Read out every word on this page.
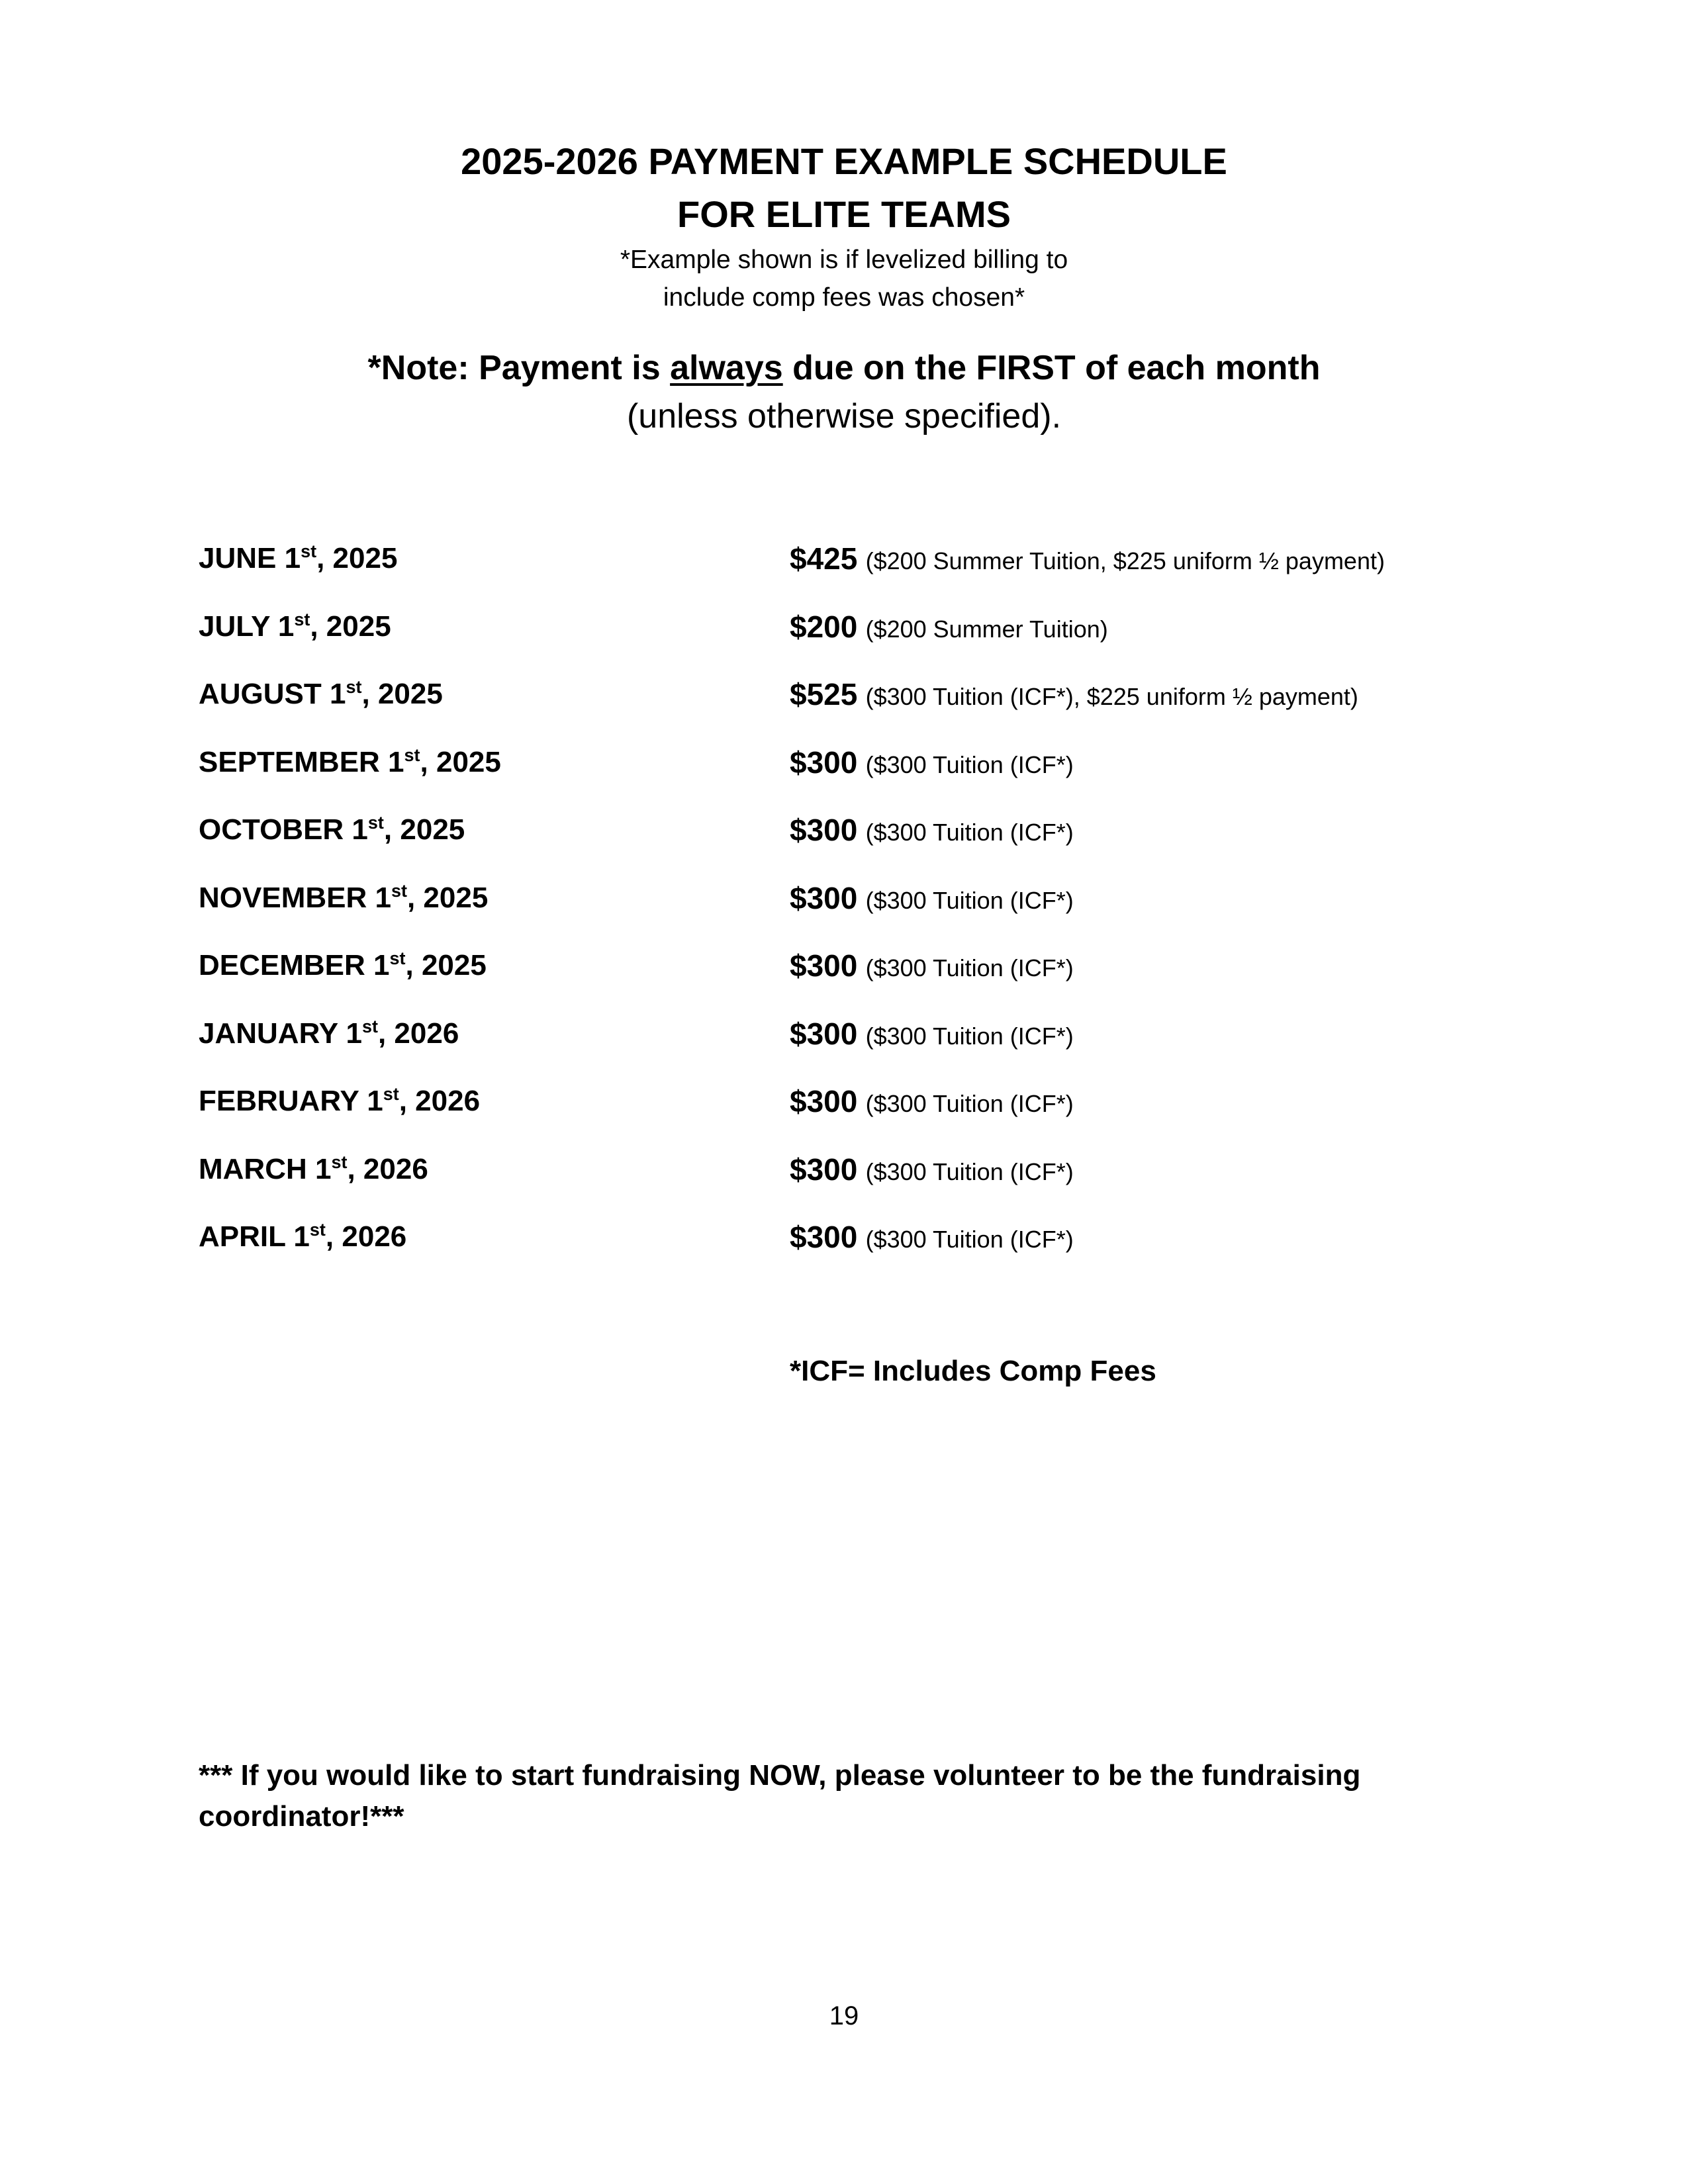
2025-2026 PAYMENT EXAMPLE SCHEDULE
FOR ELITE TEAMS
*Example shown is if levelized billing to
include comp fees was chosen*
*Note: Payment is always due on the FIRST of each month
(unless otherwise specified).
JUNE 1st, 2025	$425 ($200 Summer Tuition, $225 uniform ½ payment)
JULY 1st, 2025	$200 ($200 Summer Tuition)
AUGUST 1st, 2025	$525 ($300 Tuition (ICF*), $225 uniform ½ payment)
SEPTEMBER 1st, 2025	$300 ($300 Tuition (ICF*)
OCTOBER 1st, 2025	$300 ($300 Tuition (ICF*)
NOVEMBER 1st, 2025	$300 ($300 Tuition (ICF*)
DECEMBER 1st, 2025	$300 ($300 Tuition (ICF*)
JANUARY 1st, 2026	$300 ($300 Tuition (ICF*)
FEBRUARY 1st, 2026	$300 ($300 Tuition (ICF*)
MARCH 1st, 2026	$300 ($300 Tuition (ICF*)
APRIL 1st, 2026	$300 ($300 Tuition (ICF*)
*ICF= Includes Comp Fees
*** If you would like to start fundraising NOW, please volunteer to be the fundraising coordinator!***
19
